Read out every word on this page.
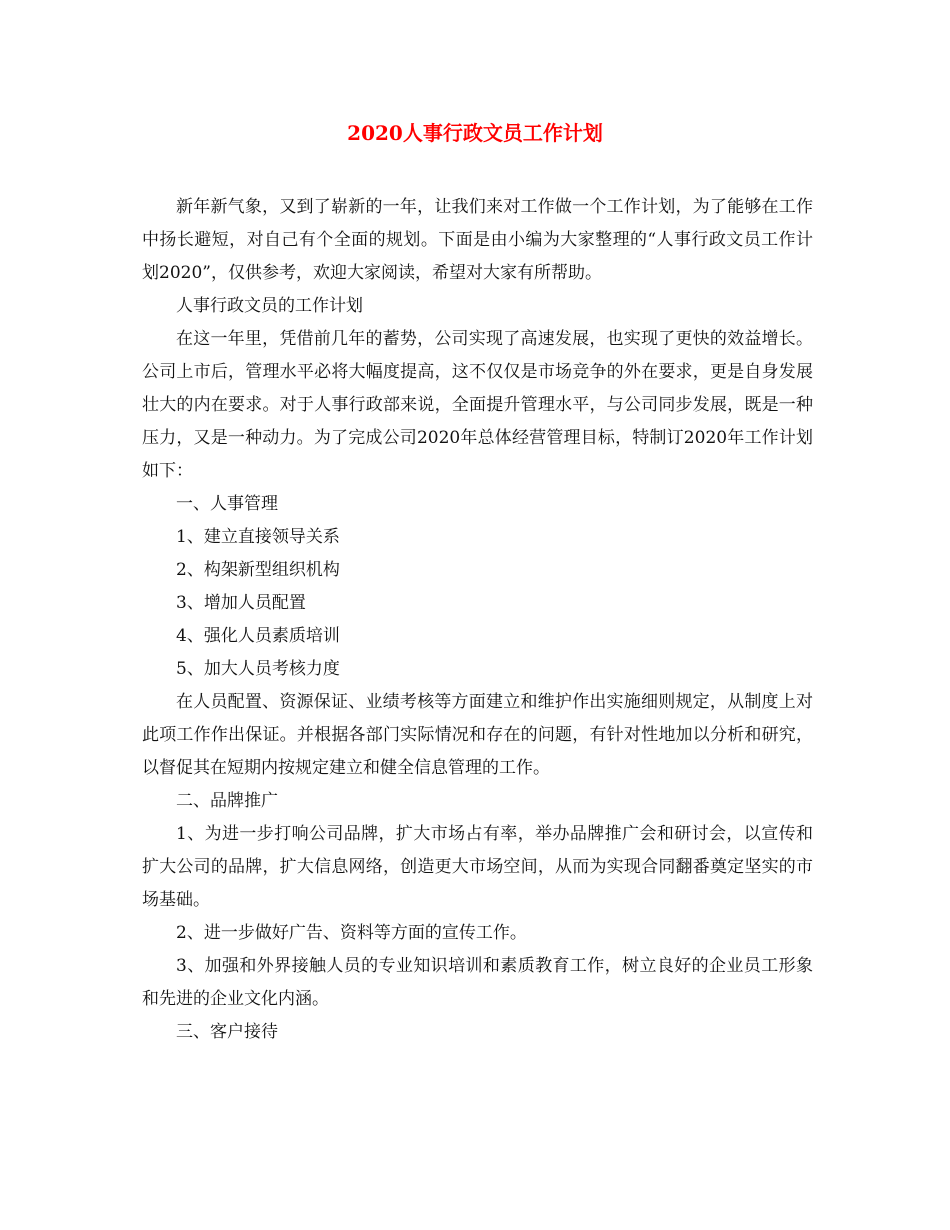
2020人事行政文员工作计划

新年新气象，又到了崭新的一年，让我们来对工作做一个工作计划，为了能够在工作中扬长避短，对自己有个全面的规划。下面是由小编为大家整理的“人事行政文员工作计划2020”，仅供参考，欢迎大家阅读，希望对大家有所帮助。

人事行政文员的工作计划

在这一年里，凭借前几年的蓄势，公司实现了高速发展，也实现了更快的效益增长。公司上市后，管理水平必将大幅度提高，这不仅仅是市场竞争的外在要求，更是自身发展壮大的内在要求。对于人事行政部来说，全面提升管理水平，与公司同步发展，既是一种压力，又是一种动力。为了完成公司2020年总体经营管理目标，特制订2020年工作计划如下：

一、人事管理

1、建立直接领导关系

2、构架新型组织机构

3、增加人员配置

4、强化人员素质培训

5、加大人员考核力度

在人员配置、资源保证、业绩考核等方面建立和维护作出实施细则规定，从制度上对此项工作作出保证。并根据各部门实际情况和存在的问题，有针对性地加以分析和研究，以督促其在短期内按规定建立和健全信息管理的工作。

二、品牌推广

1、为进一步打响公司品牌，扩大市场占有率，举办品牌推广会和研讨会，以宣传和扩大公司的品牌，扩大信息网络，创造更大市场空间，从而为实现合同翻番奠定坚实的市场基础。

2、进一步做好广告、资料等方面的宣传工作。

3、加强和外界接触人员的专业知识培训和素质教育工作，树立良好的企业员工形象和先进的企业文化内涵。

三、客户接待
